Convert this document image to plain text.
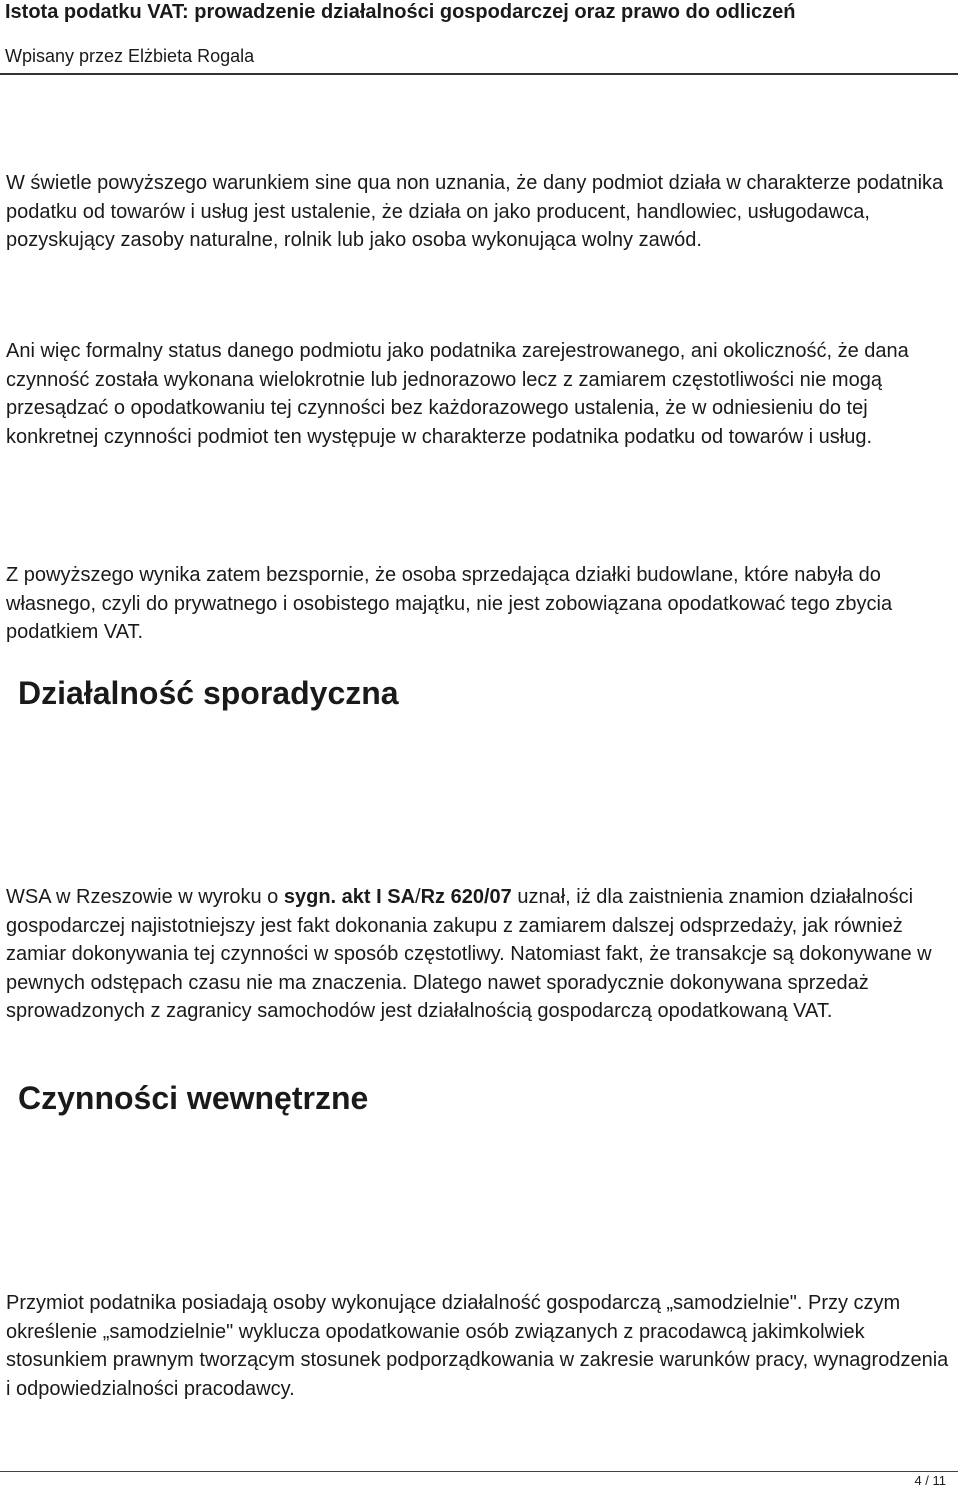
Istota podatku VAT: prowadzenie działalności gospodarczej oraz prawo do odliczeń
Wpisany przez Elżbieta Rogala

W świetle powyższego warunkiem sine qua non uznania, że dany podmiot działa w charakterze podatnika podatku od towarów i usług jest ustalenie, że działa on jako producent, handlowiec, usługodawca, pozyskujący zasoby naturalne, rolnik lub jako osoba wykonująca wolny zawód.

Ani więc formalny status danego podmiotu jako podatnika zarejestrowanego, ani okoliczność, że dana czynność została wykonana wielokrotnie lub jednorazowo lecz z zamiarem częstotliwości nie mogą przesądzać o opodatkowaniu tej czynności bez każdorazowego ustalenia, że w odniesieniu do tej konkretnej czynności podmiot ten występuje w charakterze podatnika podatku od towarów i usług.

Z powyższego wynika zatem bezspornie, że osoba sprzedająca działki budowlane, które nabyła do własnego, czyli do prywatnego i osobistego majątku, nie jest zobowiązana opodatkować tego zbycia podatkiem VAT.

Działalność sporadyczna

WSA w Rzeszowie w wyroku o sygn. akt I SA/Rz 620/07 uznał, iż dla zaistnienia znamion działalności gospodarczej najistotniejszy jest fakt dokonania zakupu z zamiarem dalszej odsprzedaży, jak również zamiar dokonywania tej czynności w sposób częstotliwy. Natomiast fakt, że transakcje są dokonywane w pewnych odstępach czasu nie ma znaczenia. Dlatego nawet sporadycznie dokonywana sprzedaż sprowadzonych z zagranicy samochodów jest działalnością gospodarczą opodatkowaną VAT.

Czynności wewnętrzne

Przymiot podatnika posiadają osoby wykonujące działalność gospodarczą „samodzielnie". Przy czym określenie „samodzielnie" wyklucza opodatkowanie osób związanych z pracodawcą jakimkolwiek stosunkiem prawnym tworzącym stosunek podporządkowania w zakresie warunków pracy, wynagrodzenia i odpowiedzialności pracodawcy.

4 / 11
